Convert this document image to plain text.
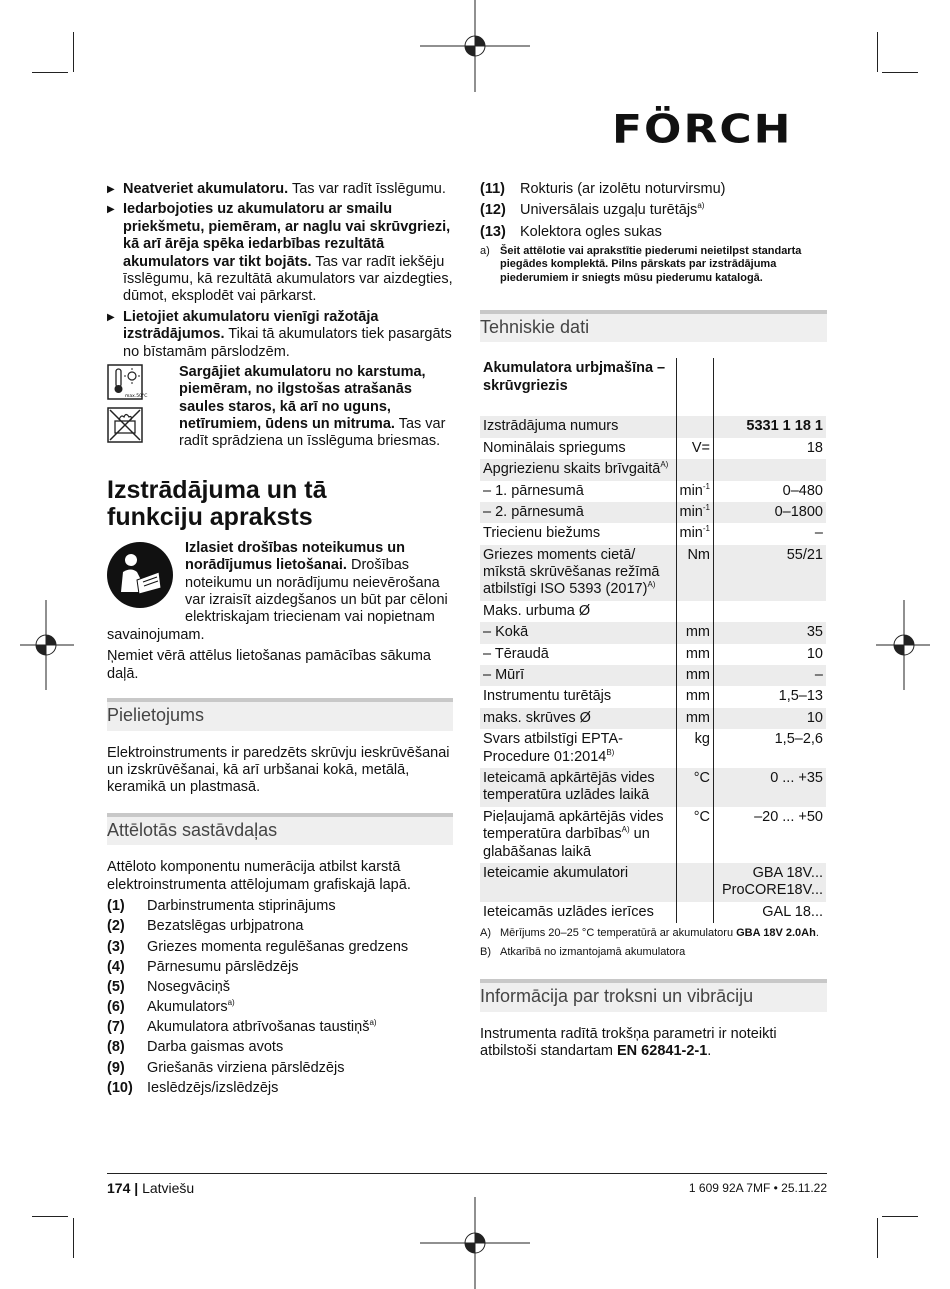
FÖRCH
▶ Neatveriet akumulatoru. Tas var radīt īsslēgumu.
▶ Iedarbojoties uz akumulatoru ar smailu priekšmetu, piemēram, ar naglu vai skrūvgriezi, kā arī ārēja spēka iedarbības rezultātā akumulators var tikt bojāts. Tas var radīt iekšēju īsslēgumu, kā rezultātā akumulators var aizdegties, dūmot, eksplodēt vai pārkarst.
▶ Lietojiet akumulatoru vienīgi ražotāja izstrādājumos. Tikai tā akumulators tiek pasargāts no bīstamām pārslodzēm.
max.50°C

Sargājiet akumulatoru no karstuma, piemēram, no ilgstošas atrašanās saules staros, kā arī no uguns, netīrumiem, ūdens un mitruma. Tas var radīt sprādziena un īsslēguma briesmas.
Izstrādājuma un tā
funkciju apraksts
Izlasiet drošības noteikumus un norādījumus lietošanai. Drošības noteikumu un norādījumu neievērošana var izraisīt aizdegšanos un būt par cēloni elektriskajam triecienam vai nopietnam savainojumam.
Ņemiet vērā attēlus lietošanas pamācības sākuma daļā.
Pielietojums
Elektroinstruments ir paredzēts skrūvju ieskrūvēšanai un izskrūvēšanai, kā arī urbšanai kokā, metālā, keramikā un plastmasā.
Attēlotās sastāvdaļas
Attēloto komponentu numerācija atbilst karstā elektroinstrumenta attēlojumam grafiskajā lapā.
(1)	Darbinstrumenta stiprinājums
(2)	Bezatslēgas urbjpatrona
(3)	Griezes momenta regulēšanas gredzens
(4)	Pārnesumu pārslēdzējs
(5)	Nosegvāciņš
(6)	Akumulators$^{a)}$
(7)	Akumulatora atbrīvošanas taustiņš$^{a)}$
(8)	Darba gaismas avots
(9)	Griešanās virziena pārslēdzējs
(10) Ieslēdzējs/izslēdzējs
(11)	Rokturis (ar izolētu noturvirsmu)
(12) Universālais uzgaļu turētājs$^{a)}$
(13) Kolektora ogles sukas
a) Šeit attēlotie vai aprakstītie piederumi neietilpst standarta piegādes komplektā. Pilns pārskats par izstrādājuma piederumiem ir sniegts mūsu piederumu katalogā.
Tehniskie dati
Akumulatora urbjmašīna – skrūvgriezis		
Izstrādājuma numurs		5331 1 18 1
Nominālais spriegums	V=	18
Apgriezienu skaits brīvgaitā$^{A)}$		
– 1. pārnesumā	$\min^{-1}$	0–480
– 2. pārnesumā	$\min^{-1}$	0–1800
Triecienu biežums	$\min^{-1}$	–
Griezes moments cietā/ mīkstā skrūvēšanas režīmā atbilstīgi ISO 5393 $(2017)^{A)}$	Nm	55/21
Maks. urbuma Ø		
– Kokā	mm	35
– Tēraudā	mm	10
– Mūrī	mm	–
Instrumentu turētājs	mm	1,5–13
maks. skrūves Ø	mm	10
Svars atbilstīgi EPTA-Procedure $01:2014^{B)}$	kg	1,5–2,6
Ieteicamā apkārtējās vides temperatūra uzlādes laikā	°C	0 ... +35
Pieļaujamā apkārtējās vides temperatūra darbības$^{A)}$ un glabāšanas laikā	°C	–20 ... +50
Ieteicamie akumulatori		GBA 18V...
ProCORE18V...
Ieteicamās uzlādes ierīces		GAL 18...
A) Mērījums 20–25 °C temperatūrā ar akumulatoru GBA 18V 2.0Ah.
B) Atkarībā no izmantojamā akumulatora
Informācija par troksni un vibrāciju
Instrumenta radītā trokšņa parametri ir noteikti atbilstoši standartam EN 62841-2-1.
174 | Latviešu	1 609 92A 7MF • 25.11.22
